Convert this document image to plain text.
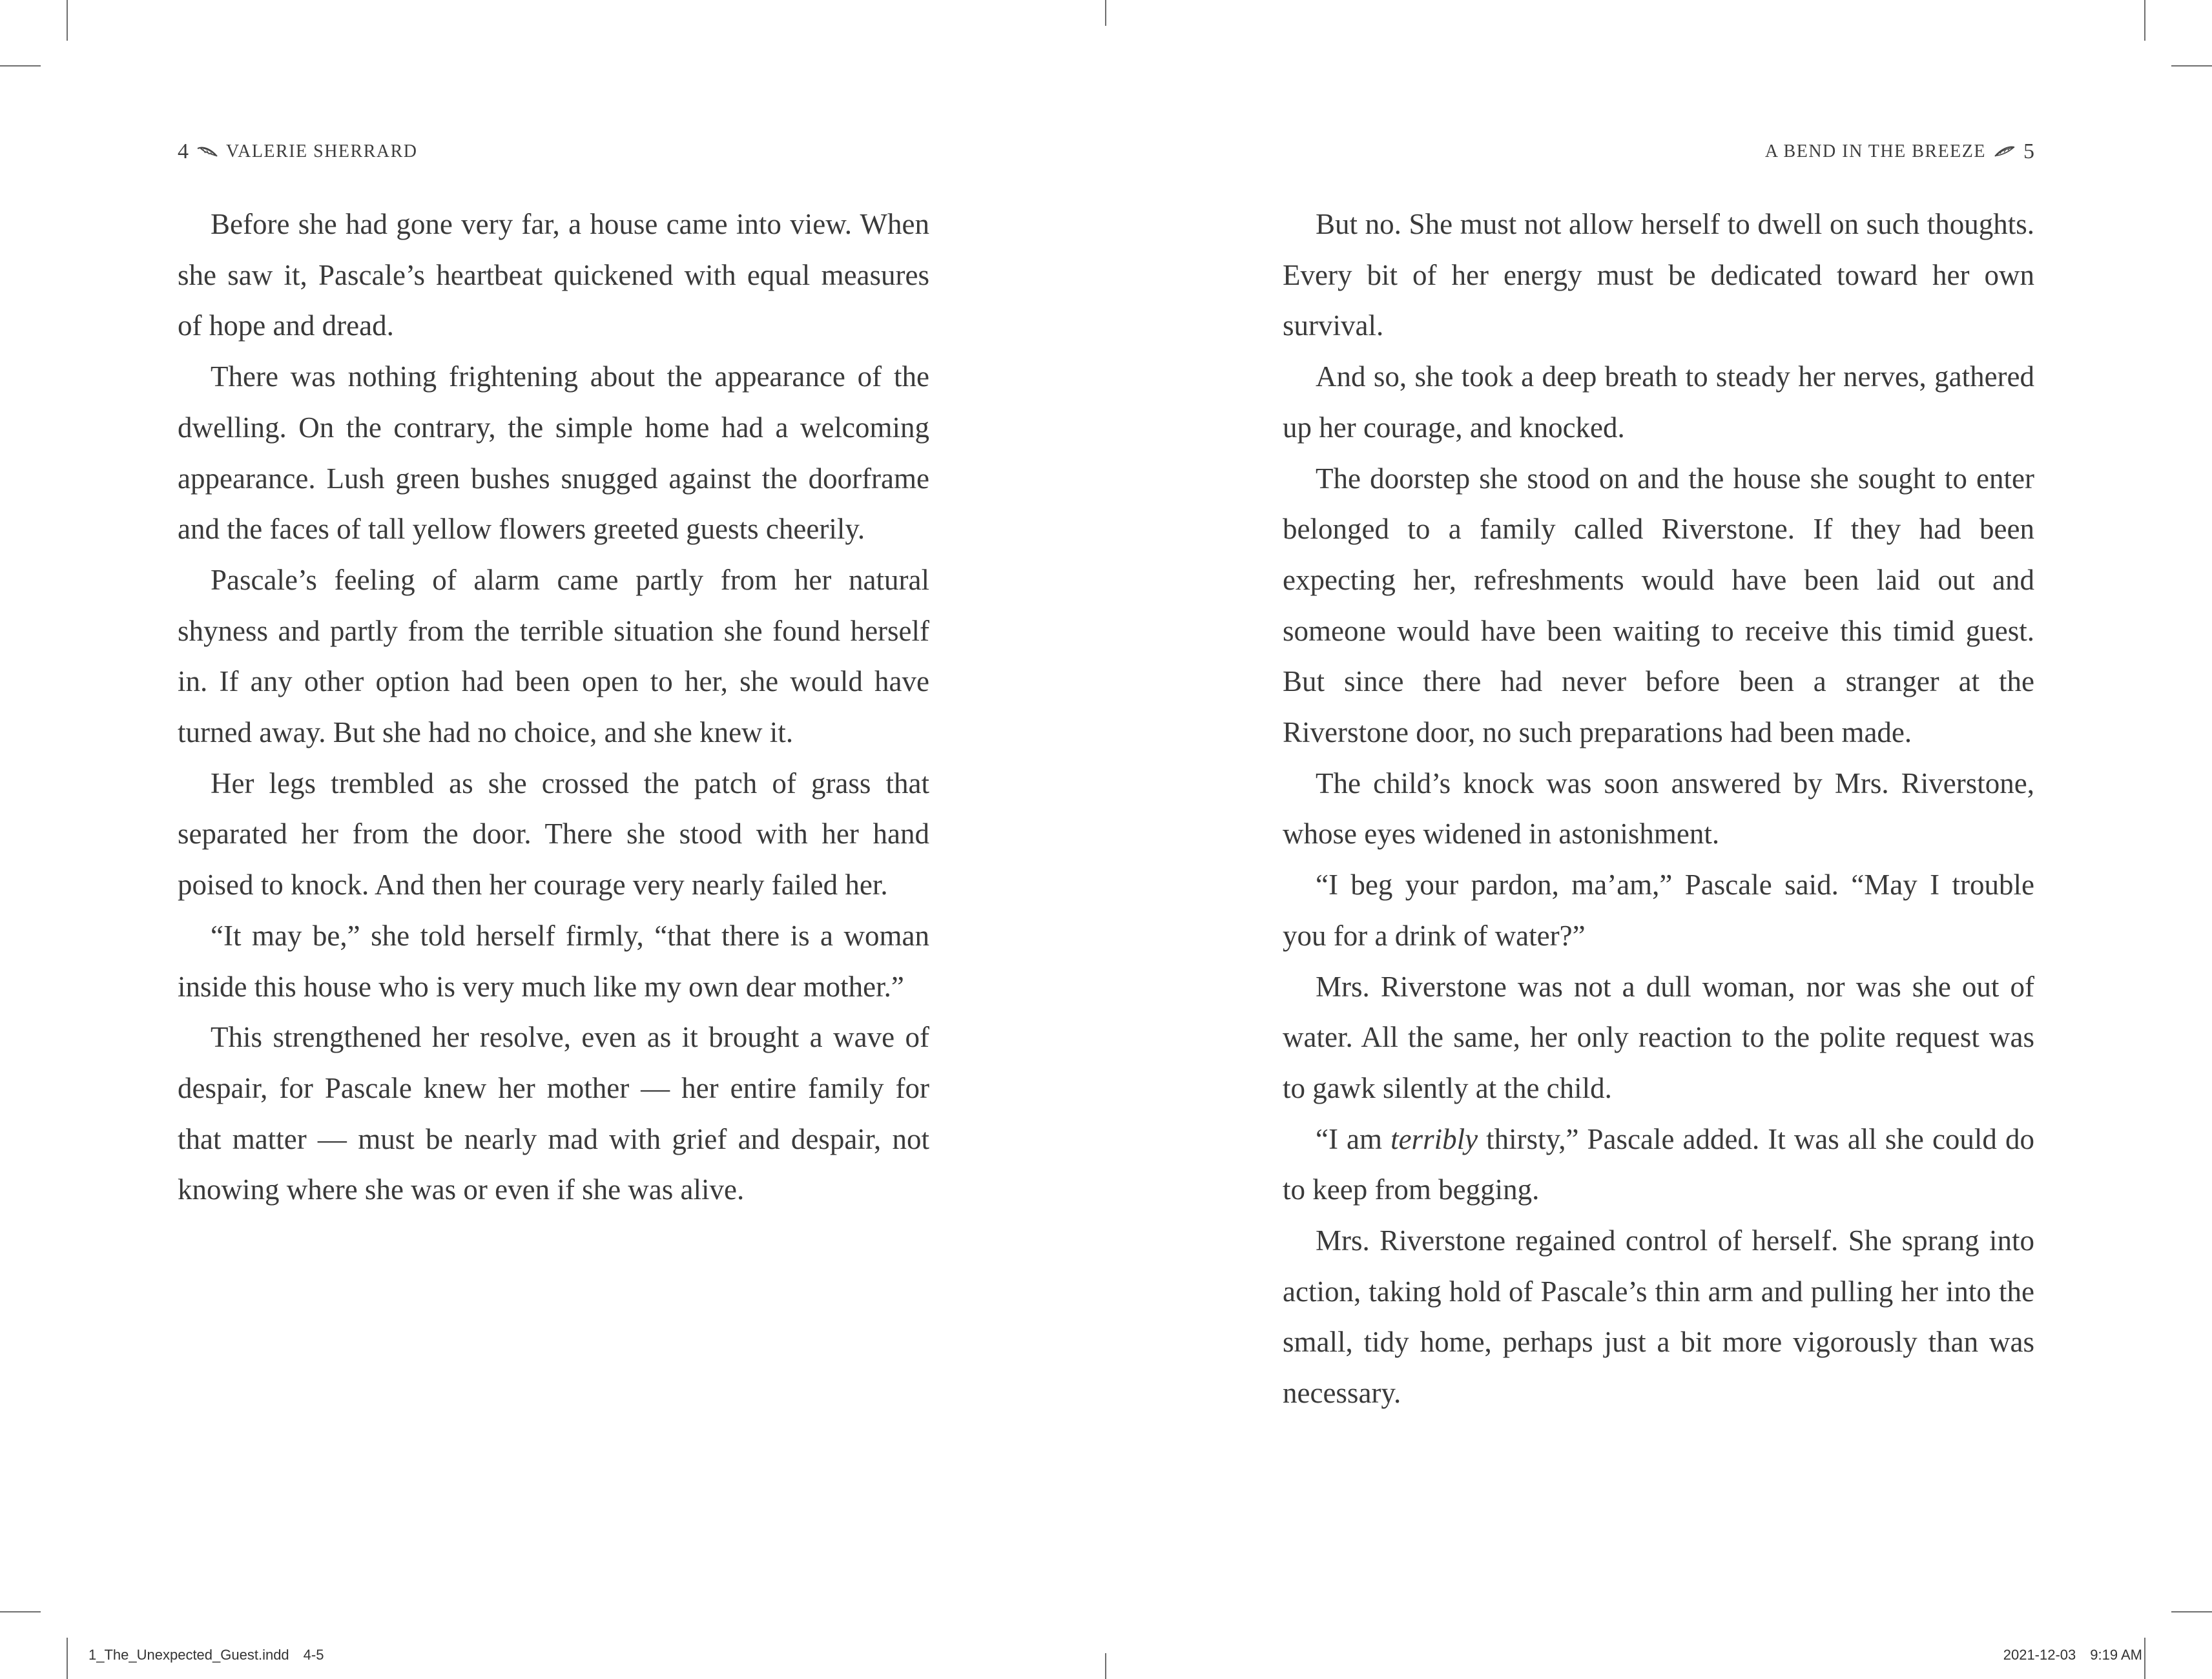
4 VALERIE SHERRARD	A BEND IN THE BREEZE 5

Before she had gone very far, a house came into view. When she saw it, Pascale’s heartbeat quickened with equal measures of hope and dread.

There was nothing frightening about the appearance of the dwelling. On the contrary, the simple home had a welcoming appearance. Lush green bushes snugged against the doorframe and the faces of tall yellow flowers greeted guests cheerily.

Pascale’s feeling of alarm came partly from her natural shyness and partly from the terrible situation she found herself in. If any other option had been open to her, she would have turned away. But she had no choice, and she knew it.

Her legs trembled as she crossed the patch of grass that separated her from the door. There she stood with her hand poised to knock. And then her courage very nearly failed her.

“It may be,” she told herself firmly, “that there is a woman inside this house who is very much like my own dear mother.”

This strengthened her resolve, even as it brought a wave of despair, for Pascale knew her mother — her entire family for that matter — must be nearly mad with grief and despair, not knowing where she was or even if she was alive.

But no. She must not allow herself to dwell on such thoughts. Every bit of her energy must be dedicated toward her own survival.

And so, she took a deep breath to steady her nerves, gathered up her courage, and knocked.

The doorstep she stood on and the house she sought to enter belonged to a family called Riverstone. If they had been expecting her, refreshments would have been laid out and someone would have been waiting to receive this timid guest. But since there had never before been a stranger at the Riverstone door, no such preparations had been made.

The child’s knock was soon answered by Mrs. Riverstone, whose eyes widened in astonishment.

“I beg your pardon, ma’am,” Pascale said. “May I trouble you for a drink of water?”

Mrs. Riverstone was not a dull woman, nor was she out of water. All the same, her only reaction to the polite request was to gawk silently at the child.

“I am terribly thirsty,” Pascale added. It was all she could do to keep from begging.

Mrs. Riverstone regained control of herself. She sprang into action, taking hold of Pascale’s thin arm and pulling her into the small, tidy home, perhaps just a bit more vigorously than was necessary.

1_The_Unexpected_Guest.indd 4-5	2021-12-03 9:19 AM
